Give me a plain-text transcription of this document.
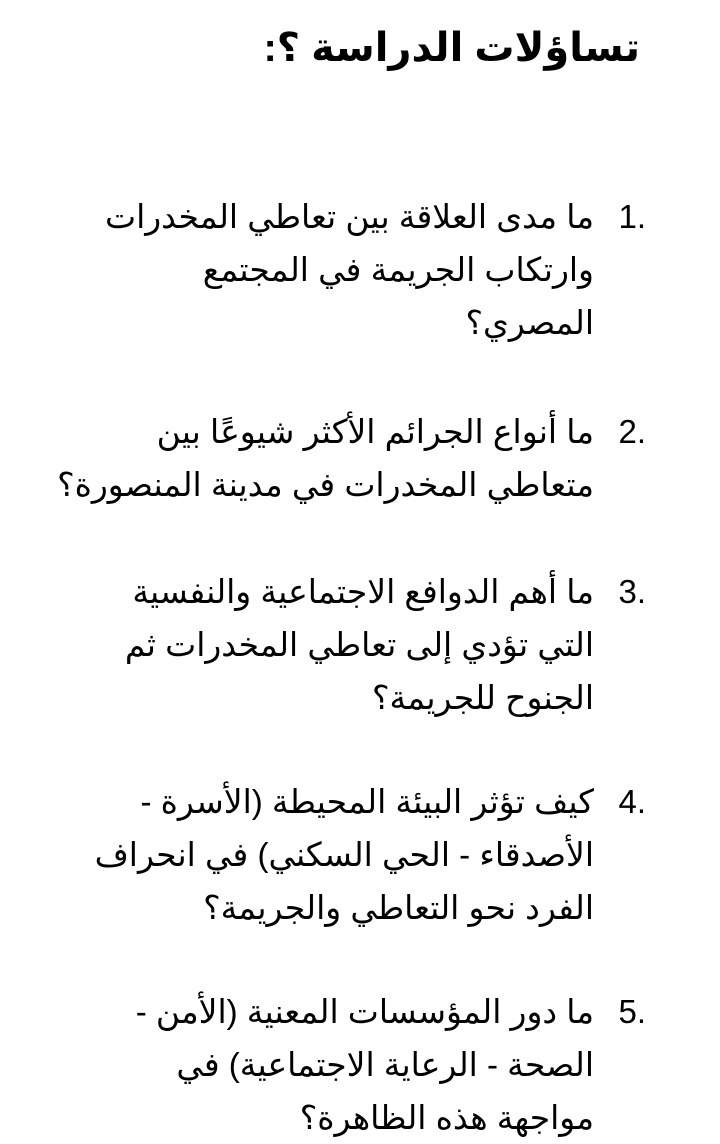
تساؤلات الدراسة ؟:
1.
ما مدى العلاقة بين تعاطي المخدرات
وارتكاب الجريمة في المجتمع
المصري؟
2.
ما أنواع الجرائم الأكثر شيوعًا بين
متعاطي المخدرات في مدينة المنصورة؟
3.
ما أهم الدوافع الاجتماعية والنفسية
التي تؤدي إلى تعاطي المخدرات ثم
الجنوح للجريمة؟
4.
كيف تؤثر البيئة المحيطة (الأسرة -
الأصدقاء - الحي السكني) في انحراف
الفرد نحو التعاطي والجريمة؟
5.
ما دور المؤسسات المعنية (الأمن -
الصحة - الرعاية الاجتماعية) في
مواجهة هذه الظاهرة؟
